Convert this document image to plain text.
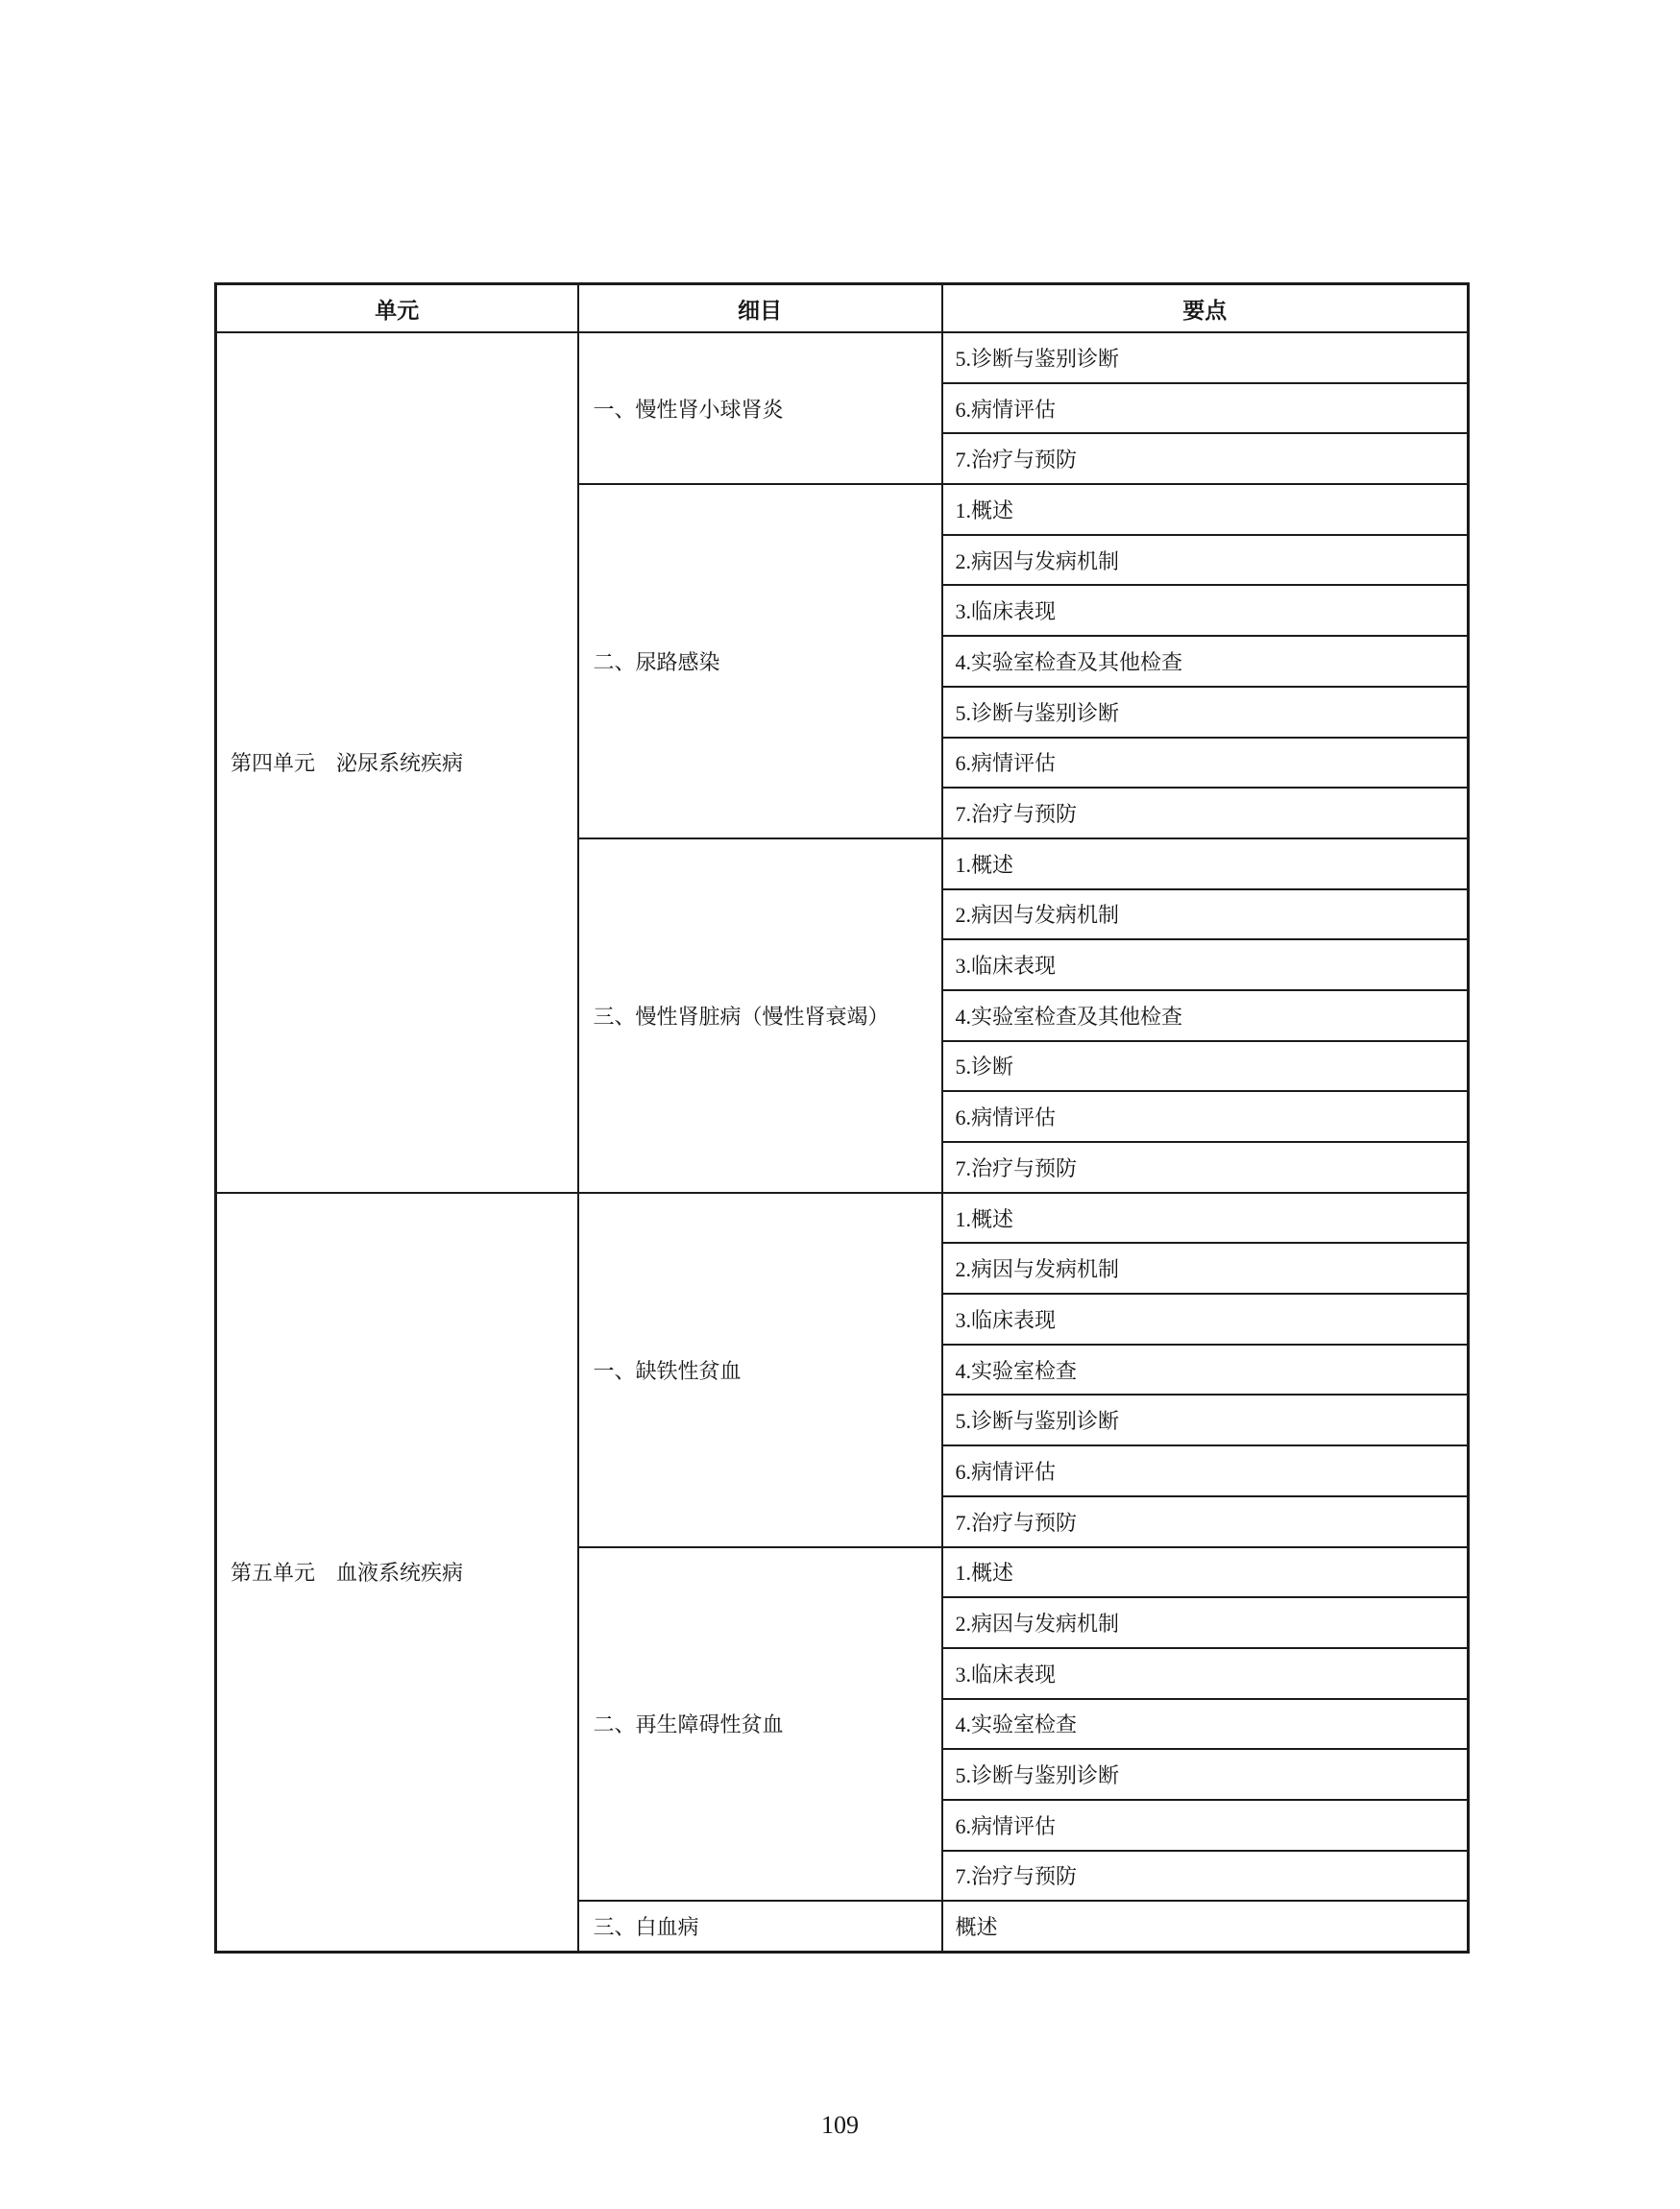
单元	细目	要点
第四单元　泌尿系统疾病	一、慢性肾小球肾炎	5.诊断与鉴别诊断
		6.病情评估
		7.治疗与预防
	二、尿路感染	1.概述
		2.病因与发病机制
		3.临床表现
		4.实验室检查及其他检查
		5.诊断与鉴别诊断
		6.病情评估
		7.治疗与预防
	三、慢性肾脏病（慢性肾衰竭）	1.概述
		2.病因与发病机制
		3.临床表现
		4.实验室检查及其他检查
		5.诊断
		6.病情评估
		7.治疗与预防
第五单元　血液系统疾病	一、缺铁性贫血	1.概述
		2.病因与发病机制
		3.临床表现
		4.实验室检查
		5.诊断与鉴别诊断
		6.病情评估
		7.治疗与预防
	二、再生障碍性贫血	1.概述
		2.病因与发病机制
		3.临床表现
		4.实验室检查
		5.诊断与鉴别诊断
		6.病情评估
		7.治疗与预防
	三、白血病	概述
109
